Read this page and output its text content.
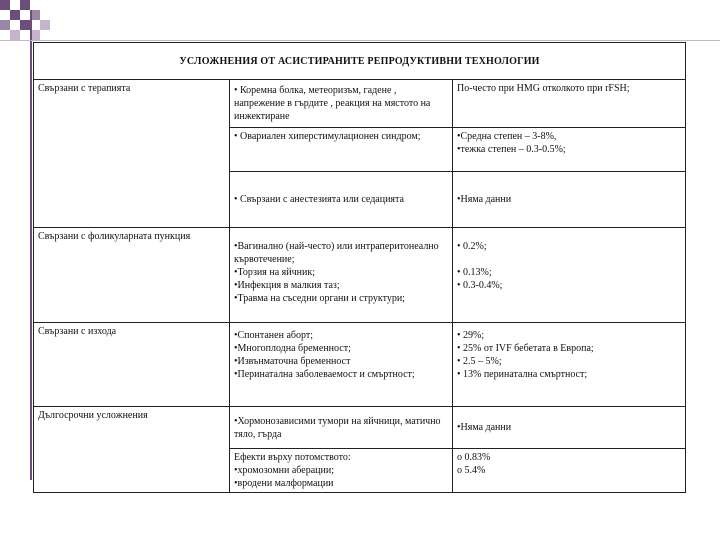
УСЛОЖНЕНИЯ ОТ АСИСТИРАНИТЕ РЕПРОДУКТИВНИ ТЕХНОЛОГИИ		
Свързани с терапията	• Коремна болка, метеоризъм, гадене , напрежение в гърдите , реакция на мястото на инжектиране	По-често при HMG отколкото при rFSH;

	• Овариален хиперстимулационен синдром;	•Средна степен – 3-8%,
•тежка степен – 0.3-0.5%;

	• Свързани с анестезията или седацията	•Няма данни

Свързани с фоликуларната пункция	•Вагинално (най-често) или интраперитонеално кървотечение;
•Торзия на яйчник;
•Инфекция в малкия таз;
•Травма на съседни органи и структури;	• 0.2%;

• 0.13%;
• 0.3-0.4%;

Свързани с изхода	•Спонтанен аборт;
•Многоплодна бременност;
•Извънматочна бременност
•Перинатална заболеваемост и смъртност;	• 29%;
• 25% от IVF бебетата в Европа;
• 2.5 – 5%;
• 13% перинатална смъртност;

Дългосрочни усложнения	•Хормонозависими тумори на яйчници, матично тяло, гърда	•Няма данни

	Ефекти върху потомството:
•хромозомни аберации;
•вродени малформации	o 0.83%
o 5.4%
